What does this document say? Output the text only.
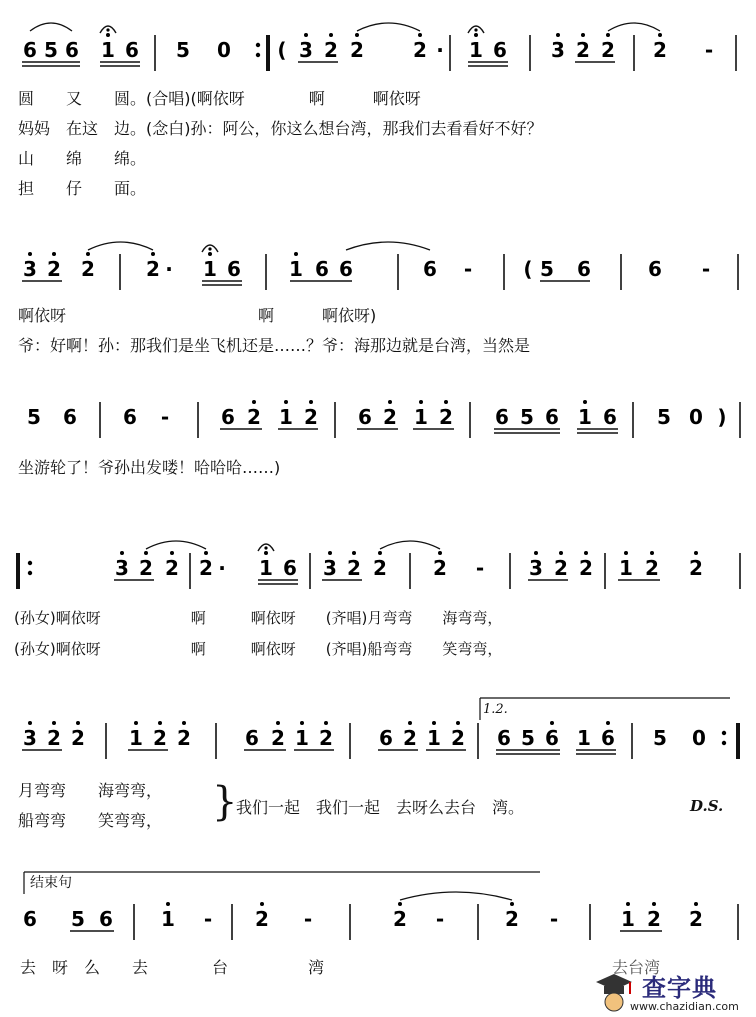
6 5 6 1 6 5 0 ( 3 2 2 2 · 1 6 3 2 2 2 -
3 2 2	2 · 1 6 1 6 6	6 -	( 5 6	6 -
5 6 6 -	6 2 1 2 6 2 1 2 6 5 6 1 6 5 0 )
3 2 2 2 · 1 6 3 2 2 2 - 3 2 2 1 2 2
3 2 2 1 2 2	6 2 1 2 6 2 1 2 6 5 6 1 6 5 0
6 5 6 1 - 2 -	2 -	2 -	1 2 2
圆　　又　　圆。(合唱)(啊依呀　　　　啊　　　啊依呀
妈妈　在这　边。(念白)孙：阿公，你这么想台湾，那我们去看看好不好？
山　　绵　　绵。
担　　仔　　面。
啊依呀　　　　　　　　　　　　啊　　　啊依呀)
爷：好啊！孙：那我们是坐飞机还是……？爷：海那边就是台湾，当然是
坐游轮了！爷孙出发喽！哈哈哈……)
(孙女)啊依呀　　　　　　啊　　　啊依呀　　(齐唱)月弯弯　　海弯弯，
(孙女)啊依呀　　　　　　啊　　　啊依呀　　(齐唱)船弯弯　　笑弯弯，
月弯弯　　海弯弯，
船弯弯　　笑弯弯， }
我们一起　我们一起　去呀么去台　湾。	D.S.
去　呀　么　　去　　　　台　　　　　湾	去台湾
1.2.
结束句
查字典
www.chazidian.com
